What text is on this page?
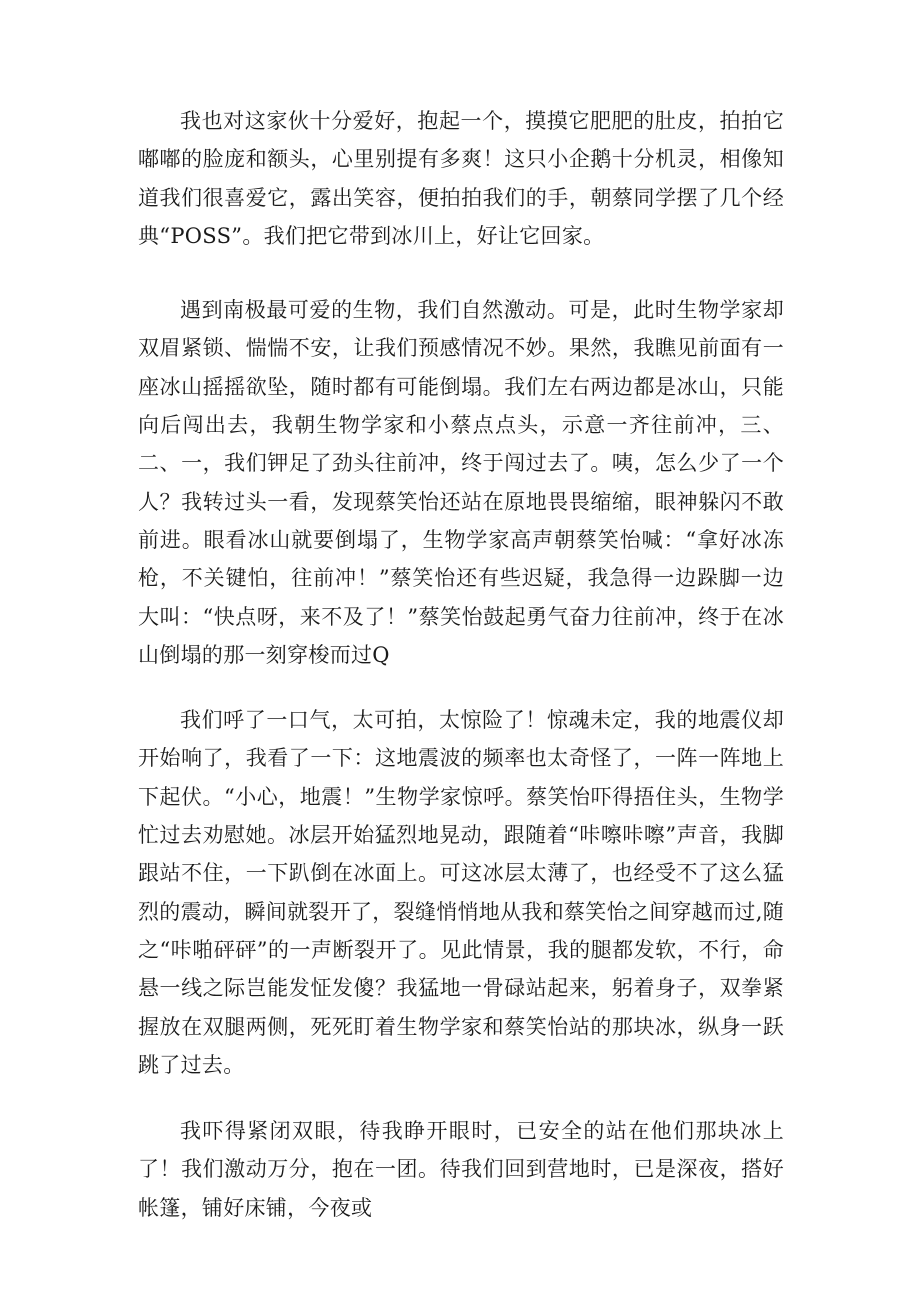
我也对这家伙十分爱好，抱起一个，摸摸它肥肥的肚皮，拍拍它嘟嘟的脸庞和额头，心里别提有多爽！这只小企鹅十分机灵，相像知道我们很喜爱它，露出笑容，便拍拍我们的手，朝蔡同学摆了几个经典“POSS”。我们把它带到冰川上，好让它回家。

遇到南极最可爱的生物，我们自然激动。可是，此时生物学家却双眉紧锁、惴惴不安，让我们预感情况不妙。果然，我瞧见前面有一座冰山摇摇欲坠，随时都有可能倒塌。我们左右两边都是冰山，只能向后闯出去，我朝生物学家和小蔡点点头，示意一齐往前冲，三、二、一，我们钾足了劲头往前冲，终于闯过去了。咦，怎么少了一个人？我转过头一看，发现蔡笑怡还站在原地畏畏缩缩，眼神躲闪不敢前进。眼看冰山就要倒塌了，生物学家高声朝蔡笑怡喊：“拿好冰冻枪，不关键怕，往前冲！”蔡笑怡还有些迟疑，我急得一边跺脚一边大叫：“快点呀，来不及了！”蔡笑怡鼓起勇气奋力往前冲，终于在冰山倒塌的那一刻穿梭而过Q

我们呼了一口气，太可拍，太惊险了！惊魂未定，我的地震仪却开始响了，我看了一下：这地震波的频率也太奇怪了，一阵一阵地上下起伏。“小心，地震！”生物学家惊呼。蔡笑怡吓得捂住头，生物学忙过去劝慰她。冰层开始猛烈地晃动，跟随着“咔嚓咔嚓”声音，我脚跟站不住，一下趴倒在冰面上。可这冰层太薄了，也经受不了这么猛烈的震动，瞬间就裂开了，裂缝悄悄地从我和蔡笑怡之间穿越而过,随之“咔啪砰砰”的一声断裂开了。见此情景，我的腿都发软，不行，命悬一线之际岂能发怔发傻？我猛地一骨碌站起来，躬着身子，双拳紧握放在双腿两侧，死死盯着生物学家和蔡笑怡站的那块冰，纵身一跃跳了过去。

我吓得紧闭双眼，待我睁开眼时，已安全的站在他们那块冰上了！我们激动万分，抱在一团。待我们回到营地时，已是深夜，搭好帐篷，铺好床铺，今夜或
